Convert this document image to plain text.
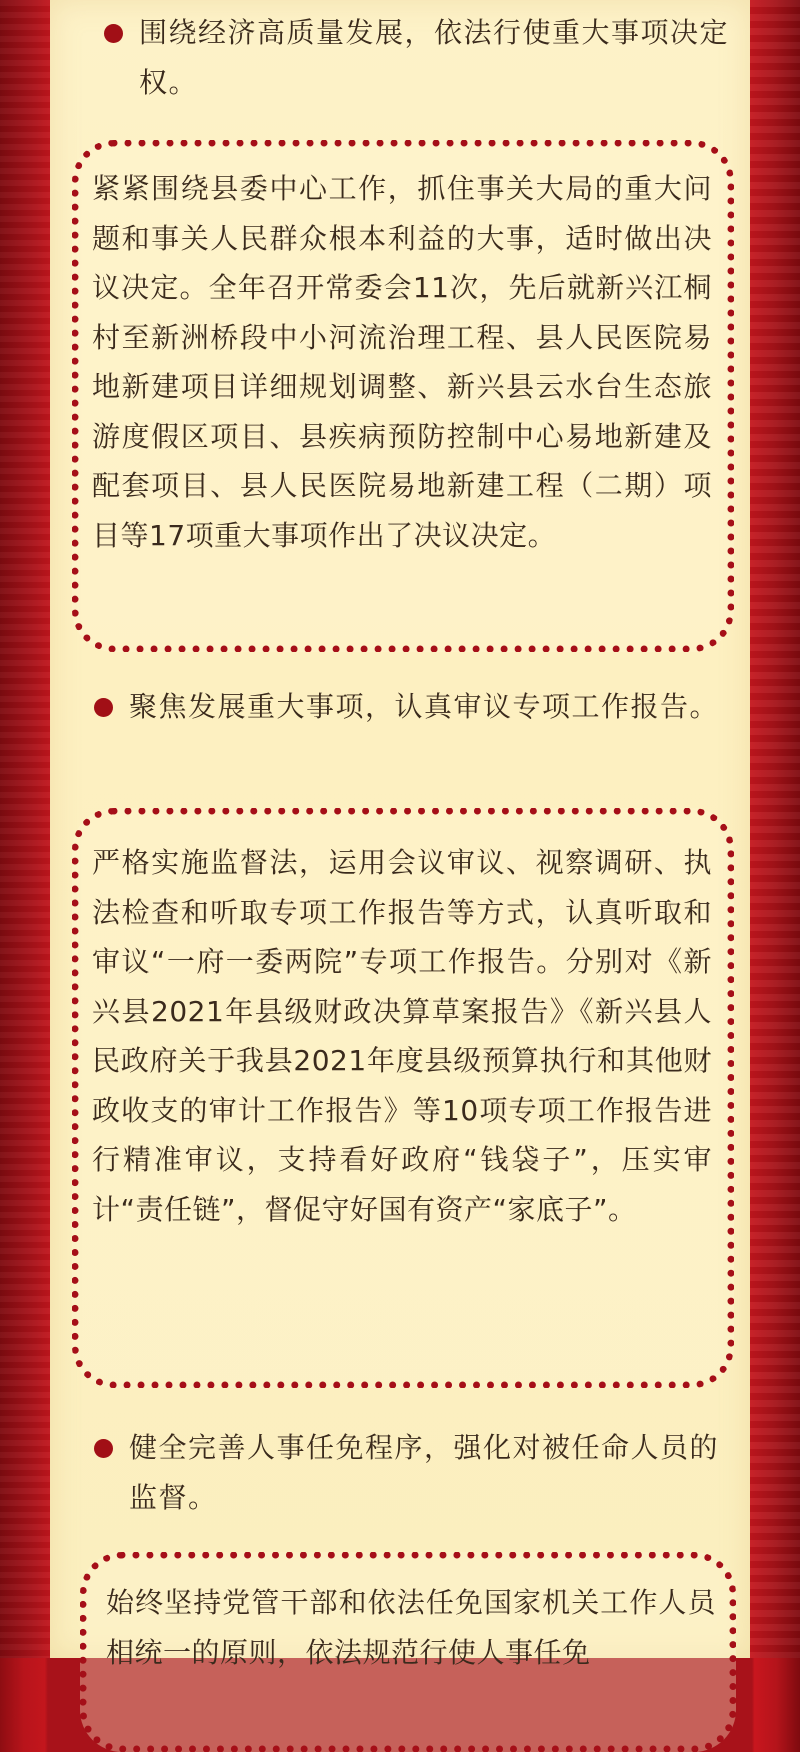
围绕经济高质量发展，依法行使重大事项决定权。
紧紧围绕县委中心工作，抓住事关大局的重大问题和事关人民群众根本利益的大事，适时做出决议决定。全年召开常委会11次，先后就新兴江桐村至新洲桥段中小河流治理工程、县人民医院易地新建项目详细规划调整、新兴县云水台生态旅游度假区项目、县疾病预防控制中心易地新建及配套项目、县人民医院易地新建工程（二期）项目等17项重大事项作出了决议决定。
聚焦发展重大事项，认真审议专项工作报告。
严格实施监督法，运用会议审议、视察调研、执法检查和听取专项工作报告等方式，认真听取和审议“一府一委两院”专项工作报告。分别对《新兴县2021年县级财政决算草案报告》《新兴县人民政府关于我县2021年度县级预算执行和其他财政收支的审计工作报告》等10项专项工作报告进行精准审议，支持看好政府“钱袋子”，压实审计“责任链”，督促守好国有资产“家底子”。
健全完善人事任免程序，强化对被任命人员的监督。
始终坚持党管干部和依法任免国家机关工作人员相统一的原则，依法规范行使人事任免
